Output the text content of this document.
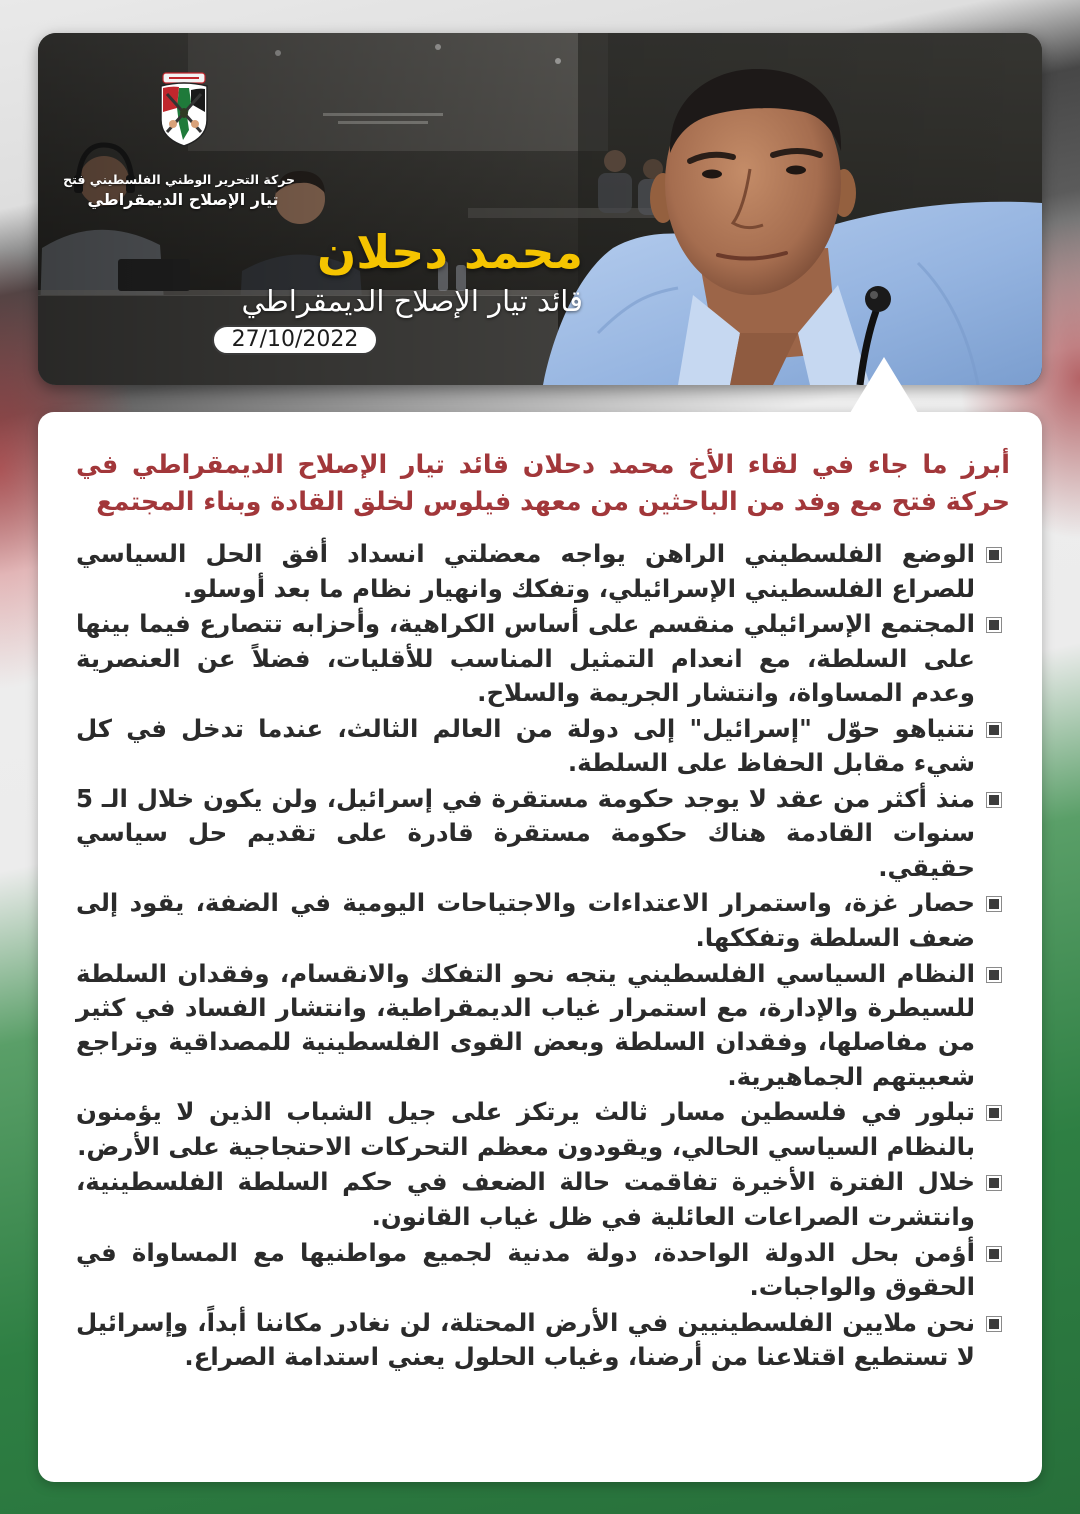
حركة التحرير الوطني الفلسطيني فتح
تيار الإصلاح الديمقراطي
محمد دحلان
قائد تيار الإصلاح الديمقراطي
27/10/2022
أبرز ما جاء في لقاء الأخ محمد دحلان قائد تيار الإصلاح الديمقراطي في حركة فتح مع وفد من الباحثين من معهد فيلوس لخلق القادة وبناء المجتمع
الوضع الفلسطيني الراهن يواجه معضلتي انسداد أفق الحل السياسي للصراع الفلسطيني الإسرائيلي، وتفكك وانهيار نظام ما بعد أوسلو.
المجتمع الإسرائيلي منقسم على أساس الكراهية، وأحزابه تتصارع فيما بينها على السلطة، مع انعدام التمثيل المناسب للأقليات، فضلاً عن العنصرية وعدم المساواة، وانتشار الجريمة والسلاح.
نتنياهو حوّل "إسرائيل" إلى دولة من العالم الثالث، عندما تدخل في كل شيء مقابل الحفاظ على السلطة.
منذ أكثر من عقد لا يوجد حكومة مستقرة في إسرائيل، ولن يكون خلال الـ 5 سنوات القادمة هناك حكومة مستقرة قادرة على تقديم حل سياسي حقيقي.
حصار غزة، واستمرار الاعتداءات والاجتياحات اليومية في الضفة، يقود إلى ضعف السلطة وتفككها.
النظام السياسي الفلسطيني يتجه نحو التفكك والانقسام، وفقدان السلطة للسيطرة والإدارة، مع استمرار غياب الديمقراطية، وانتشار الفساد في كثير من مفاصلها، وفقدان السلطة وبعض القوى الفلسطينية للمصداقية وتراجع شعبيتهم الجماهيرية.
تبلور في فلسطين مسار ثالث يرتكز على جيل الشباب الذين لا يؤمنون بالنظام السياسي الحالي، ويقودون معظم التحركات الاحتجاجية على الأرض.
خلال الفترة الأخيرة تفاقمت حالة الضعف في حكم السلطة الفلسطينية، وانتشرت الصراعات العائلية في ظل غياب القانون.
أؤمن بحل الدولة الواحدة، دولة مدنية لجميع مواطنيها مع المساواة في الحقوق والواجبات.
نحن ملايين الفلسطينيين في الأرض المحتلة، لن نغادر مكاننا أبداً، وإسرائيل لا تستطيع اقتلاعنا من أرضنا، وغياب الحلول يعني استدامة الصراع.
